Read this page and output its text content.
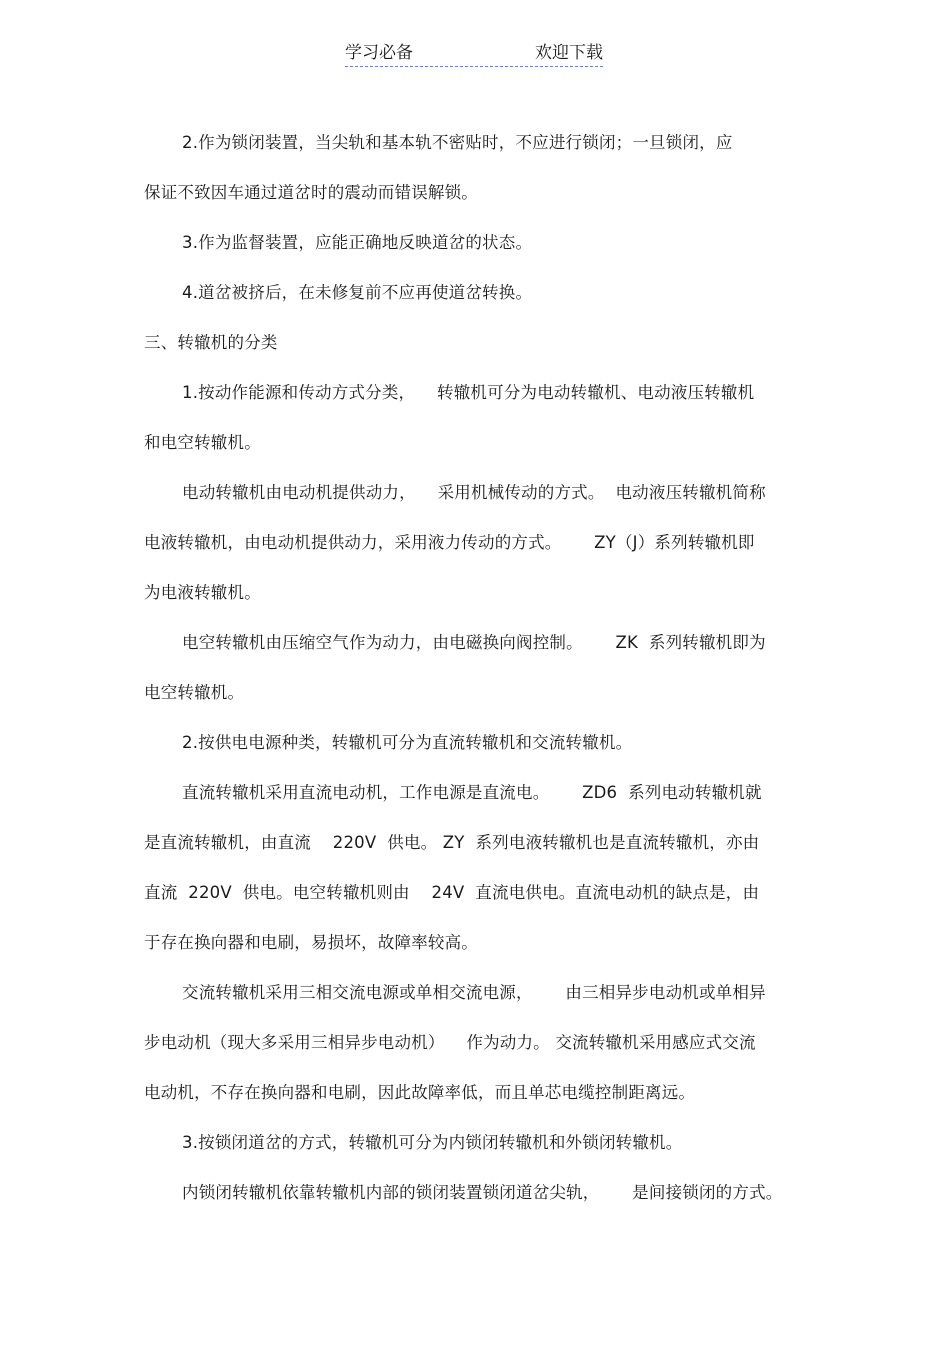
学习必备	欢迎下载
2.作为锁闭装置，当尖轨和基本轨不密贴时，不应进行锁闭；一旦锁闭，应
保证不致因车通过道岔时的震动而错误解锁。
3.作为监督装置，应能正确地反映道岔的状态。
4.道岔被挤后，在未修复前不应再使道岔转换。
三、转辙机的分类
1.按动作能源和传动方式分类，    转辙机可分为电动转辙机、电动液压转辙机
和电空转辙机。
电动转辙机由电动机提供动力，    采用机械传动的方式。  电动液压转辙机简称
电液转辙机，由电动机提供动力，采用液力传动的方式。      ZY（J）系列转辙机即
为电液转辙机。
电空转辙机由压缩空气作为动力，由电磁换向阀控制。      ZK  系列转辙机即为
电空转辙机。
2.按供电电源种类，转辙机可分为直流转辙机和交流转辙机。
直流转辙机采用直流电动机，工作电源是直流电。      ZD6  系列电动转辙机就
是直流转辙机，由直流    220V  供电。 ZY  系列电液转辙机也是直流转辙机，亦由
直流  220V  供电。电空转辙机则由    24V  直流电供电。直流电动机的缺点是，由
于存在换向器和电刷，易损坏，故障率较高。
交流转辙机采用三相交流电源或单相交流电源，      由三相异步电动机或单相异
步电动机（现大多采用三相异步电动机）    作为动力。 交流转辙机采用感应式交流
电动机，不存在换向器和电刷，因此故障率低，而且单芯电缆控制距离远。
3.按锁闭道岔的方式，转辙机可分为内锁闭转辙机和外锁闭转辙机。
内锁闭转辙机依靠转辙机内部的锁闭装置锁闭道岔尖轨，      是间接锁闭的方式。
